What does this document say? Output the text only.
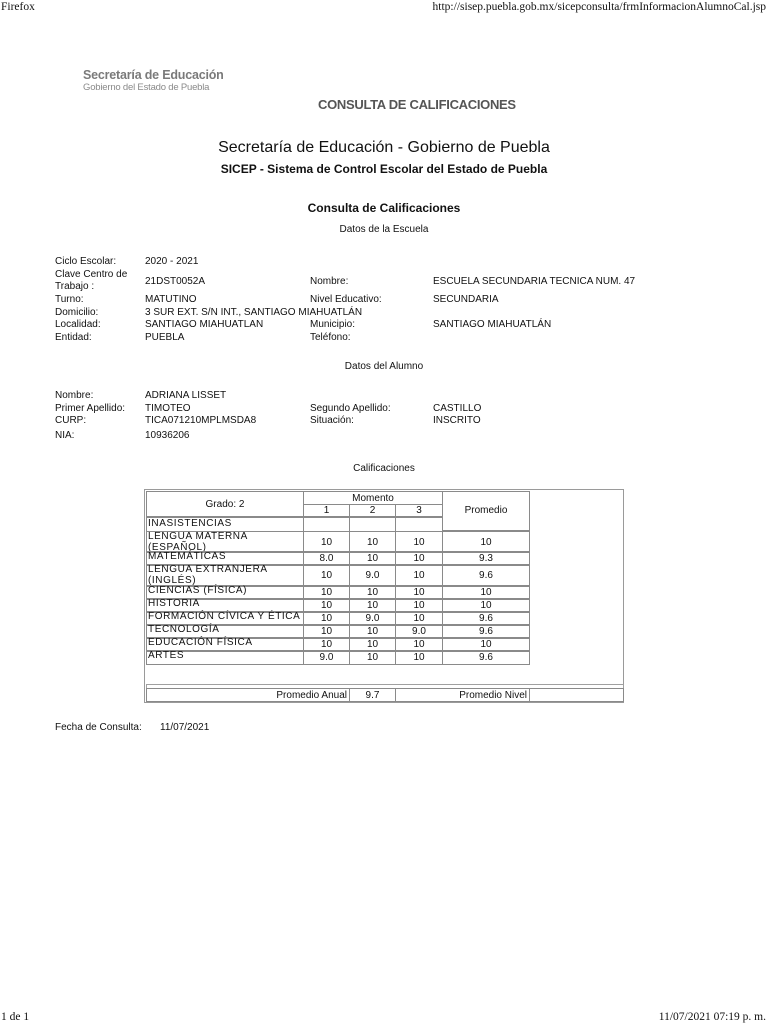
Firefox	http://sisep.puebla.gob.mx/sicepconsulta/frmInformacionAlumnoCal.jsp
Secretaría de Educación
Gobierno del Estado de Puebla
CONSULTA DE CALIFICACIONES
Secretaría de Educación - Gobierno de Puebla
SICEP - Sistema de Control Escolar del Estado de Puebla
Consulta de Calificaciones
Datos de la Escuela
Ciclo Escolar:	2020 - 2021
Clave Centro de
Trabajo :	21DST0052A	Nombre:	ESCUELA SECUNDARIA TECNICA NUM. 47
Turno:	MATUTINO	Nivel Educativo:	SECUNDARIA
Domicilio:	3 SUR EXT. S/N INT., SANTIAGO MIAHUATLÁN
Localidad:	SANTIAGO MIAHUATLAN	Municipio:	SANTIAGO MIAHUATLÁN
Entidad:	PUEBLA	Teléfono:
Datos del Alumno
Nombre:	ADRIANA LISSET
Primer Apellido: TIMOTEO	Segundo Apellido:	CASTILLO
CURP:	TICA071210MPLMSDA8	Situación:	INSCRITO
NIA:	10936206
Calificaciones
Grado: 2
Momento
1	2	3	Promedio
INASISTENCIAS
LENGUA MATERNA
(ESPAÑOL)	10	10	10	10
MATEMÁTICAS	8.0	10	10	9.3
LENGUA EXTRANJERA
(INGLÉS)	10	9.0	10	9.6
CIENCIAS (FÍSICA)	10	10	10	10
HISTORIA	10	10	10	10
FORMACIÓN CÍVICA Y ÉTICA	10	9.0	10	9.6
TECNOLOGÍA	10	10	9.0	9.6
EDUCACIÓN FÍSICA	10	10	10	10
ARTES	9.0	10	10	9.6
Promedio Anual	9.7	Promedio Nivel
Fecha de Consulta: 11/07/2021
1 de 1	11/07/2021 07:19 p. m.
